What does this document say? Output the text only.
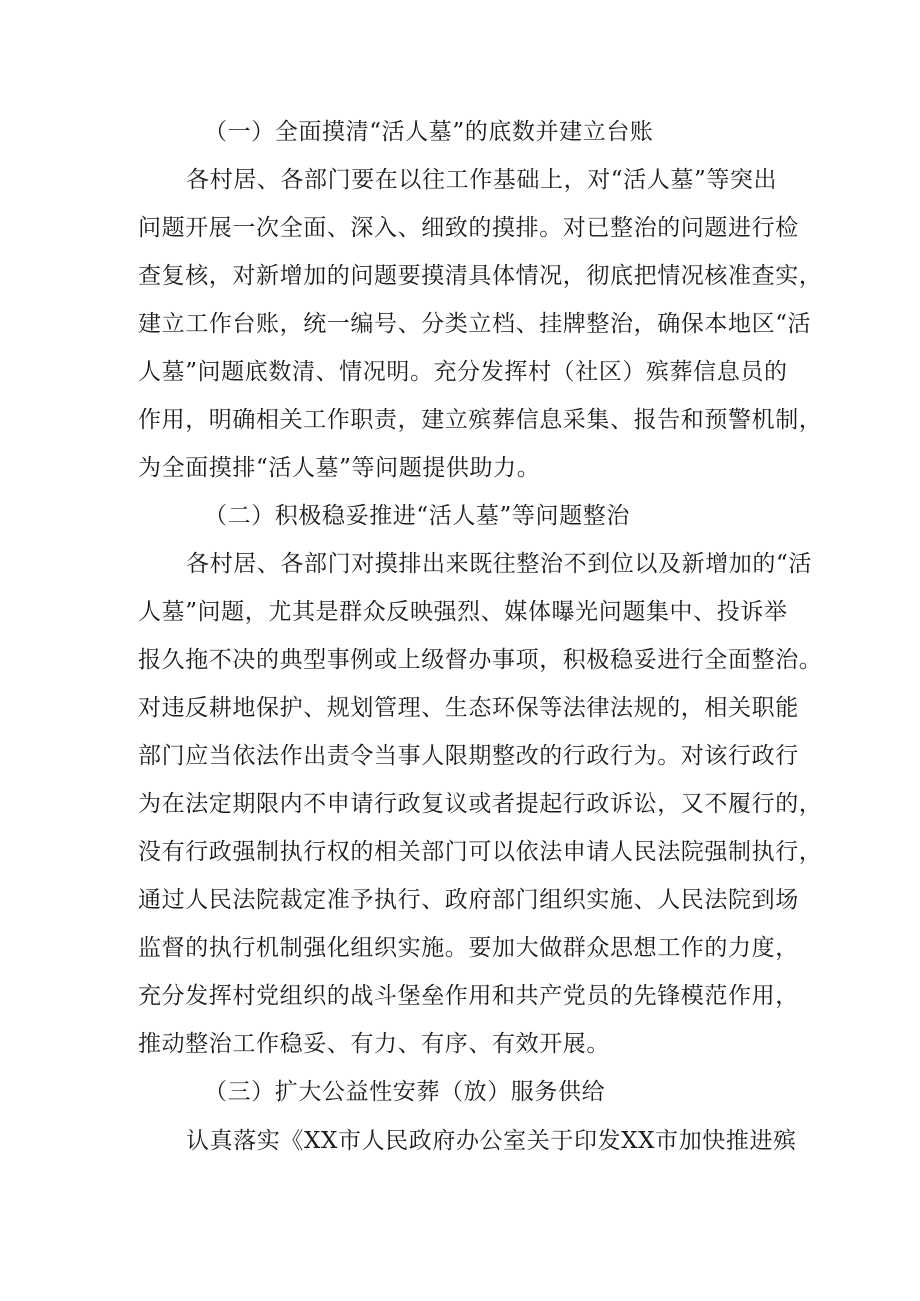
（一）全面摸清“活人墓”的底数并建立台账
各村居、各部门要在以往工作基础上，对“活人墓”等突出
问题开展一次全面、深入、细致的摸排。对已整治的问题进行检
查复核，对新增加的问题要摸清具体情况，彻底把情况核准查实，
建立工作台账，统一编号、分类立档、挂牌整治，确保本地区“活
人墓”问题底数清、情况明。充分发挥村（社区）殡葬信息员的
作用，明确相关工作职责，建立殡葬信息采集、报告和预警机制，
为全面摸排“活人墓”等问题提供助力。
（二）积极稳妥推进“活人墓”等问题整治
各村居、各部门对摸排出来既往整治不到位以及新增加的“活
人墓”问题，尤其是群众反映强烈、媒体曝光问题集中、投诉举
报久拖不决的典型事例或上级督办事项，积极稳妥进行全面整治。
对违反耕地保护、规划管理、生态环保等法律法规的，相关职能
部门应当依法作出责令当事人限期整改的行政行为。对该行政行
为在法定期限内不申请行政复议或者提起行政诉讼，又不履行的，
没有行政强制执行权的相关部门可以依法申请人民法院强制执行，
通过人民法院裁定准予执行、政府部门组织实施、人民法院到场
监督的执行机制强化组织实施。要加大做群众思想工作的力度，
充分发挥村党组织的战斗堡垒作用和共产党员的先锋模范作用，
推动整治工作稳妥、有力、有序、有效开展。
（三）扩大公益性安葬（放）服务供给
认真落实《XX市人民政府办公室关于印发XX市加快推进殡
